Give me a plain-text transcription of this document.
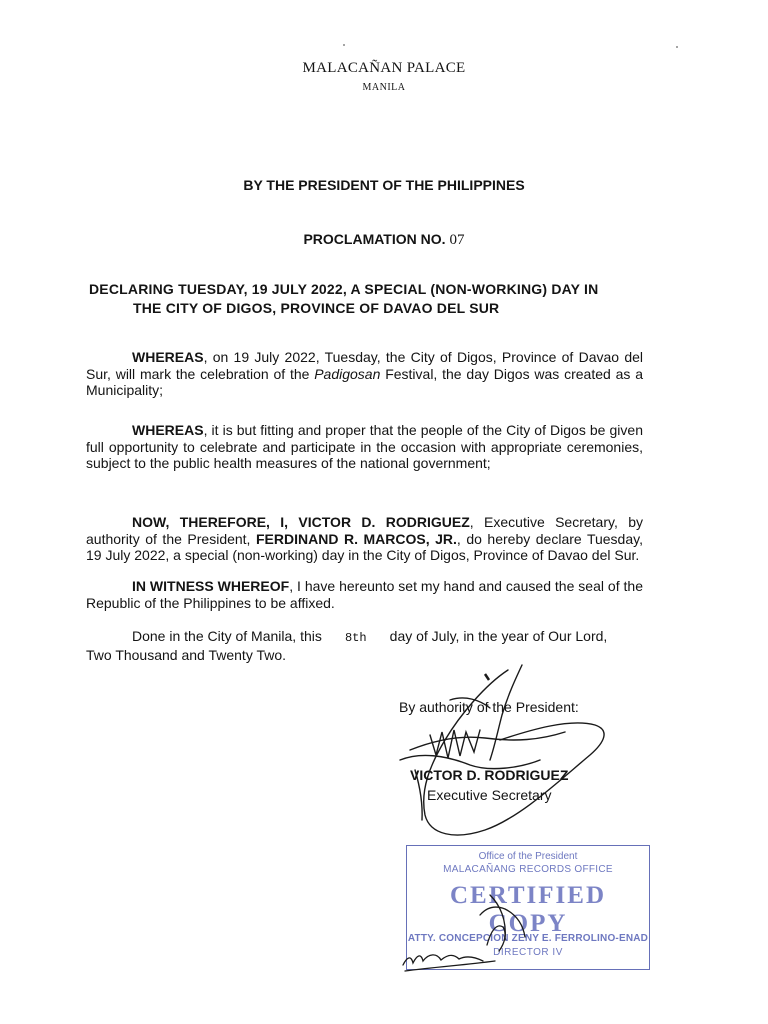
MALACAÑAN PALACE
MANILA
BY THE PRESIDENT OF THE PHILIPPINES
PROCLAMATION NO. 07
DECLARING TUESDAY, 19 JULY 2022, A SPECIAL (NON-WORKING) DAY IN
THE CITY OF DIGOS, PROVINCE OF DAVAO DEL SUR
WHEREAS, on 19 July 2022, Tuesday, the City of Digos, Province of Davao del Sur, will mark the celebration of the Padigosan Festival, the day Digos was created as a Municipality;
WHEREAS, it is but fitting and proper that the people of the City of Digos be given full opportunity to celebrate and participate in the occasion with appropriate ceremonies, subject to the public health measures of the national government;
NOW, THEREFORE, I, VICTOR D. RODRIGUEZ, Executive Secretary, by authority of the President, FERDINAND R. MARCOS, JR., do hereby declare Tuesday, 19 July 2022, a special (non-working) day in the City of Digos, Province of Davao del Sur.
IN WITNESS WHEREOF, I have hereunto set my hand and caused the seal of the Republic of the Philippines to be affixed.
Done in the City of Manila, this 8th day of July, in the year of Our Lord,
Two Thousand and Twenty Two.
By authority of the President:
VICTOR D. RODRIGUEZ
Executive Secretary
Office of the President
MALACAÑANG RECORDS OFFICE
CERTIFIED COPY
ATTY. CONCEPCION ZENY E. FERROLINO-ENAD
DIRECTOR IV
